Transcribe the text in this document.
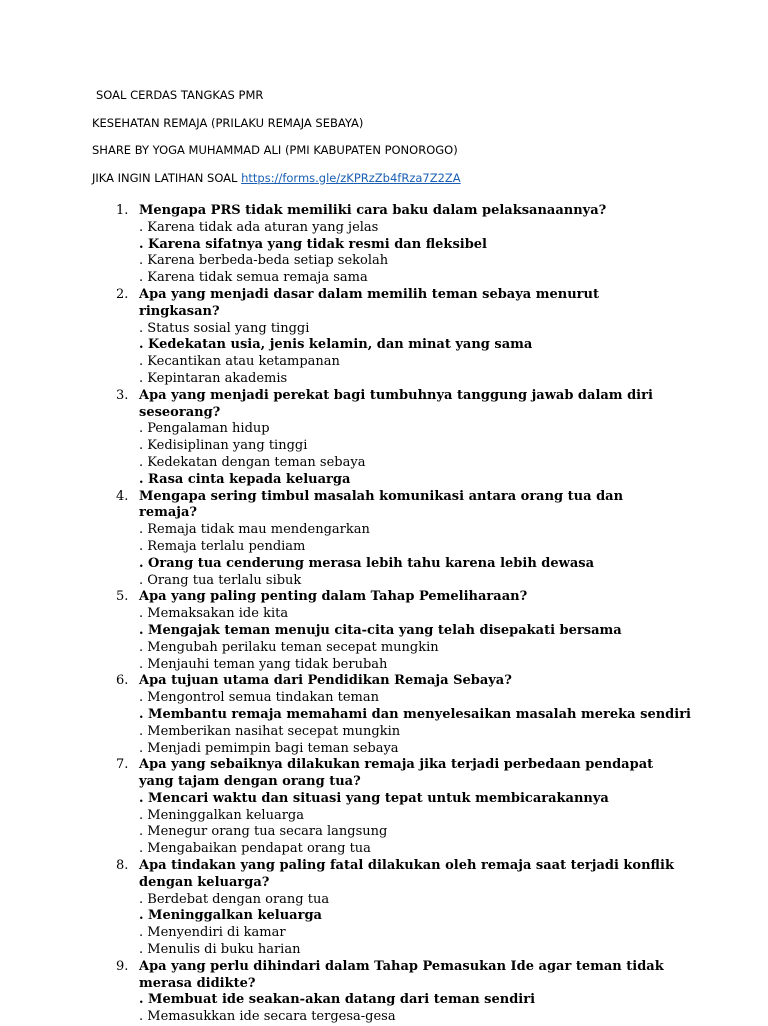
SOAL CERDAS TANGKAS PMR
KESEHATAN REMAJA (PRILAKU REMAJA SEBAYA)
SHARE BY YOGA MUHAMMAD ALI (PMI KABUPATEN PONOROGO)
JIKA INGIN LATIHAN SOAL https://forms.gle/zKPRzZb4fRza7Z2ZA
1. Mengapa PRS tidak memiliki cara baku dalam pelaksanaannya?
. Karena tidak ada aturan yang jelas
. Karena sifatnya yang tidak resmi dan fleksibel
. Karena berbeda-beda setiap sekolah
. Karena tidak semua remaja sama
2. Apa yang menjadi dasar dalam memilih teman sebaya menurut ringkasan?
. Status sosial yang tinggi
. Kedekatan usia, jenis kelamin, dan minat yang sama
. Kecantikan atau ketampanan
. Kepintaran akademis
3. Apa yang menjadi perekat bagi tumbuhnya tanggung jawab dalam diri seseorang?
. Pengalaman hidup
. Kedisiplinan yang tinggi
. Kedekatan dengan teman sebaya
. Rasa cinta kepada keluarga
4. Mengapa sering timbul masalah komunikasi antara orang tua dan remaja?
. Remaja tidak mau mendengarkan
. Remaja terlalu pendiam
. Orang tua cenderung merasa lebih tahu karena lebih dewasa
. Orang tua terlalu sibuk
5. Apa yang paling penting dalam Tahap Pemeliharaan?
. Memaksakan ide kita
. Mengajak teman menuju cita-cita yang telah disepakati bersama
. Mengubah perilaku teman secepat mungkin
. Menjauhi teman yang tidak berubah
6. Apa tujuan utama dari Pendidikan Remaja Sebaya?
. Mengontrol semua tindakan teman
. Membantu remaja memahami dan menyelesaikan masalah mereka sendiri
. Memberikan nasihat secepat mungkin
. Menjadi pemimpin bagi teman sebaya
7. Apa yang sebaiknya dilakukan remaja jika terjadi perbedaan pendapat yang tajam dengan orang tua?
. Mencari waktu dan situasi yang tepat untuk membicarakannya
. Meninggalkan keluarga
. Menegur orang tua secara langsung
. Mengabaikan pendapat orang tua
8. Apa tindakan yang paling fatal dilakukan oleh remaja saat terjadi konflik dengan keluarga?
. Berdebat dengan orang tua
. Meninggalkan keluarga
. Menyendiri di kamar
. Menulis di buku harian
9. Apa yang perlu dihindari dalam Tahap Pemasukan Ide agar teman tidak merasa didikte?
. Membuat ide seakan-akan datang dari teman sendiri
. Memasukkan ide secara tergesa-gesa
